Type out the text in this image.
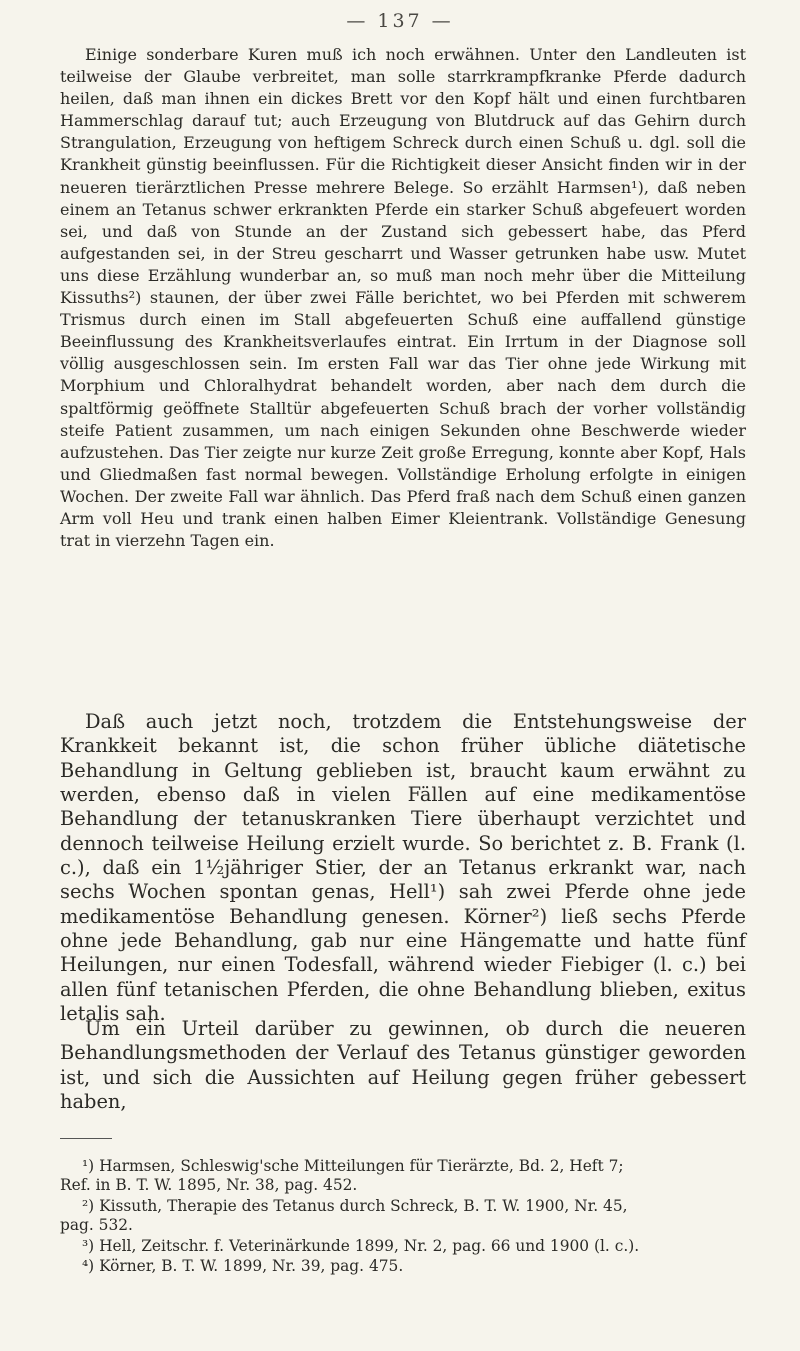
— 137 —

Einige sonderbare Kuren muß ich noch erwähnen. Unter den Landleuten ist teilweise der Glaube verbreitet, man solle starrkrampfkranke Pferde dadurch heilen, daß man ihnen ein dickes Brett vor den Kopf hält und einen furchtbaren Hammerschlag darauf tut; auch Erzeugung von Blutdruck auf das Gehirn durch Strangulation, Erzeugung von heftigem Schreck durch einen Schuß u. dgl. soll die Krankheit günstig beeinflussen. Für die Richtigkeit dieser Ansicht finden wir in der neueren tierärztlichen Presse mehrere Belege. So erzählt Harmsen¹), daß neben einem an Tetanus schwer erkrankten Pferde ein starker Schuß abgefeuert worden sei, und daß von Stunde an der Zustand sich gebessert habe, das Pferd aufgestanden sei, in der Streu gescharrt und Wasser getrunken habe usw. Mutet uns diese Erzählung wunderbar an, so muß man noch mehr über die Mitteilung Kissuths²) staunen, der über zwei Fälle berichtet, wo bei Pferden mit schwerem Trismus durch einen im Stall abgefeuerten Schuß eine auffallend günstige Beeinflussung des Krankheitsverlaufes eintrat. Ein Irrtum in der Diagnose soll völlig ausgeschlossen sein. Im ersten Fall war das Tier ohne jede Wirkung mit Morphium und Chloralhydrat behandelt worden, aber nach dem durch die spaltförmig geöffnete Stalltür abgefeuerten Schuß brach der vorher vollständig steife Patient zusammen, um nach einigen Sekunden ohne Beschwerde wieder aufzustehen. Das Tier zeigte nur kurze Zeit große Erregung, konnte aber Kopf, Hals und Gliedmaßen fast normal bewegen. Vollständige Erholung erfolgte in einigen Wochen. Der zweite Fall war ähnlich. Das Pferd fraß nach dem Schuß einen ganzen Arm voll Heu und trank einen halben Eimer Kleientrank. Vollständige Genesung trat in vierzehn Tagen ein.

Daß auch jetzt noch, trotzdem die Entstehungsweise der Krankkeit bekannt ist, die schon früher übliche diätetische Behandlung in Geltung geblieben ist, braucht kaum erwähnt zu werden, ebenso daß in vielen Fällen auf eine medikamentöse Behandlung der tetanuskranken Tiere überhaupt verzichtet und dennoch teilweise Heilung erzielt wurde. So berichtet z. B. Frank (l. c.), daß ein 1½jähriger Stier, der an Tetanus erkrankt war, nach sechs Wochen spontan genas, Hell¹) sah zwei Pferde ohne jede medikamentöse Behandlung genesen. Körner²) ließ sechs Pferde ohne jede Behandlung, gab nur eine Hängematte und hatte fünf Heilungen, nur einen Todesfall, während wieder Fiebiger (l. c.) bei allen fünf tetanischen Pferden, die ohne Behandlung blieben, exitus letalis sah.

Um ein Urteil darüber zu gewinnen, ob durch die neueren Behandlungsmethoden der Verlauf des Tetanus günstiger geworden ist, und sich die Aussichten auf Heilung gegen früher gebessert haben,

¹) Harmsen, Schleswig'sche Mitteilungen für Tierärzte, Bd. 2, Heft 7;
Ref. in B. T. W. 1895, Nr. 38, pag. 452.
²) Kissuth, Therapie des Tetanus durch Schreck, B. T. W. 1900, Nr. 45,
pag. 532.
³) Hell, Zeitschr. f. Veterinärkunde 1899, Nr. 2, pag. 66 und 1900 (l. c.).
⁴) Körner, B. T. W. 1899, Nr. 39, pag. 475.
